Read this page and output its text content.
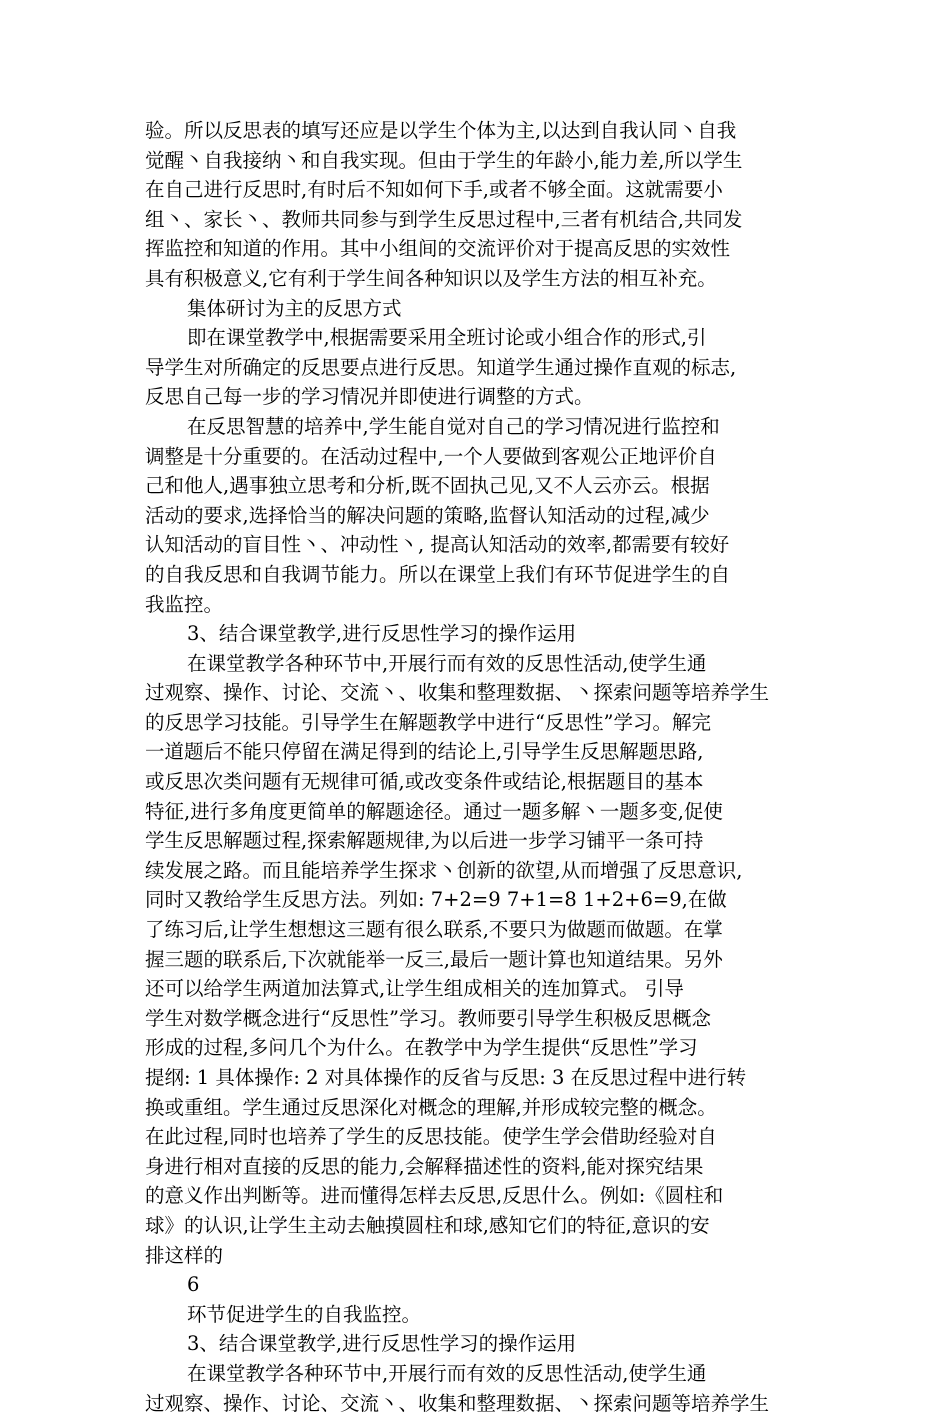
验。所以反思表的填写还应是以学生个体为主,以达到自我认同丶自我
觉醒丶自我接纳丶和自我实现。但由于学生的年龄小,能力差,所以学生
在自己进行反思时,有时后不知如何下手,或者不够全面。这就需要小
组丶、家长丶、教师共同参与到学生反思过程中,三者有机结合,共同发
挥监控和知道的作用。其中小组间的交流评价对于提高反思的实效性
具有积极意义,它有利于学生间各种知识以及学生方法的相互补充。
集体研讨为主的反思方式
即在课堂教学中,根据需要采用全班讨论或小组合作的形式,引
导学生对所确定的反思要点进行反思。知道学生通过操作直观的标志,
反思自己每一步的学习情况并即使进行调整的方式。
在反思智慧的培养中,学生能自觉对自己的学习情况进行监控和
调整是十分重要的。在活动过程中,一个人要做到客观公正地评价自
己和他人,遇事独立思考和分析,既不固执己见,又不人云亦云。根据
活动的要求,选择恰当的解决问题的策略,监督认知活动的过程,减少
认知活动的盲目性丶、冲动性丶, 提高认知活动的效率,都需要有较好
的自我反思和自我调节能力。所以在课堂上我们有环节促进学生的自
我监控。
3、结合课堂教学,进行反思性学习的操作运用
在课堂教学各种环节中,开展行而有效的反思性活动,使学生通
过观察、操作、讨论、交流丶、收集和整理数据、丶探索问题等培养学生
的反思学习技能。引导学生在解题教学中进行“反思性”学习。解完
一道题后不能只停留在满足得到的结论上,引导学生反思解题思路,
或反思次类问题有无规律可循,或改变条件或结论,根据题目的基本
特征,进行多角度更简单的解题途径。通过一题多解丶一题多变,促使
学生反思解题过程,探索解题规律,为以后进一步学习铺平一条可持
续发展之路。而且能培养学生探求丶创新的欲望,从而增强了反思意识,
同时又教给学生反思方法。列如: 7+2=9 7+1=8 1+2+6=9,在做
了练习后,让学生想想这三题有很么联系,不要只为做题而做题。在掌
握三题的联系后,下次就能举一反三,最后一题计算也知道结果。另外
还可以给学生两道加法算式,让学生组成相关的连加算式。 引导
学生对数学概念进行“反思性”学习。教师要引导学生积极反思概念
形成的过程,多问几个为什么。在教学中为学生提供“反思性”学习
提纲: 1 具体操作: 2 对具体操作的反省与反思: 3 在反思过程中进行转
换或重组。学生通过反思深化对概念的理解,并形成较完整的概念。
在此过程,同时也培养了学生的反思技能。使学生学会借助经验对自
身进行相对直接的反思的能力,会解释描述性的资料,能对探究结果
的意义作出判断等。进而懂得怎样去反思,反思什么。例如:《圆柱和
球》的认识,让学生主动去触摸圆柱和球,感知它们的特征,意识的安
排这样的
6
环节促进学生的自我监控。
3、结合课堂教学,进行反思性学习的操作运用
在课堂教学各种环节中,开展行而有效的反思性活动,使学生通
过观察、操作、讨论、交流丶、收集和整理数据、丶探索问题等培养学生
